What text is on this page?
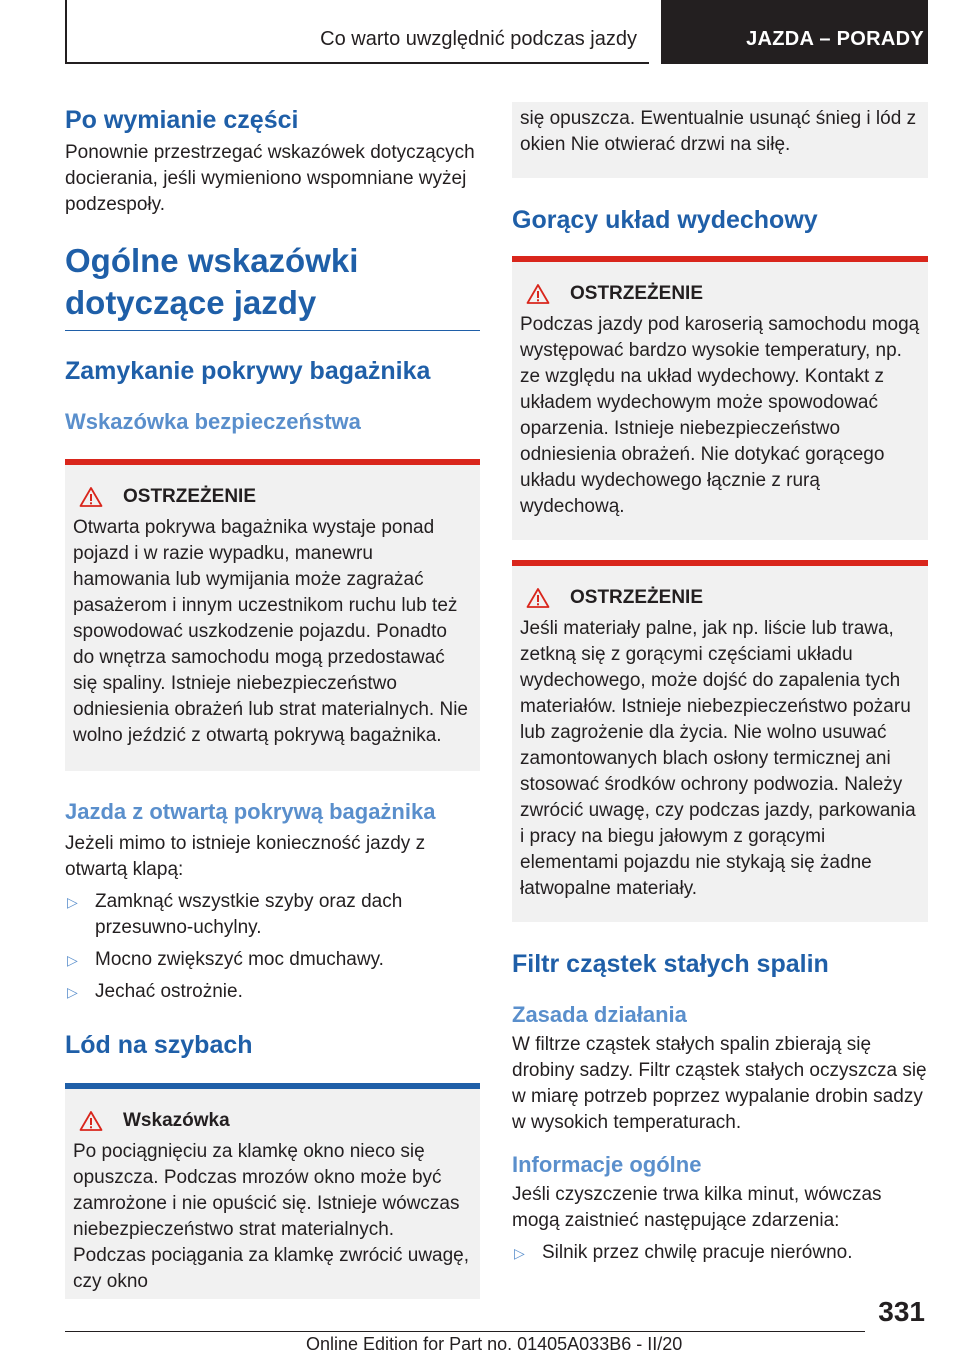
Co warto uwzględnić podczas jazdy	JAZDA – PORADY
Po wymianie części

Ponownie przestrzegać wskazówek dotyczących docierania, jeśli wymieniono wspomniane wyżej podzespoły.

Ogólne wskazówki dotyczące jazdy
Zamykanie pokrywy bagażnika
Wskazówka bezpieczeństwa
OSTRZEŻENIE

Otwarta pokrywa bagażnika wystaje ponad pojazd i w razie wypadku, manewru hamowania lub wymijania może zagrażać pasażerom i innym uczestnikom ruchu lub też spowodować uszkodzenie pojazdu. Ponadto do wnętrza samochodu mogą przedostawać się spaliny. Istnieje niebezpieczeństwo odniesienia obrażeń lub strat materialnych. Nie wolno jeździć z otwartą pokrywą bagażnika.

Jazda z otwartą pokrywą bagażnika

Jeżeli mimo to istnieje konieczność jazdy z otwartą klapą:

▷ Zamknąć wszystkie szyby oraz dach przesuwno-uchylny.
▷ Mocno zwiększyć moc dmuchawy.
▷ Jechać ostrożnie.
Lód na szybach
Wskazówka

Po pociągnięciu za klamkę okno nieco się opuszcza. Podczas mrozów okno może być zamrożone i nie opuścić się. Istnieje wówczas niebezpieczeństwo strat materialnych. Podczas pociągania za klamkę zwrócić uwagę, czy okno

się opuszcza. Ewentualnie usunąć śnieg i lód z okien Nie otwierać drzwi na siłę.

Gorący układ wydechowy
OSTRZEŻENIE

Podczas jazdy pod karoserią samochodu mogą występować bardzo wysokie temperatury, np. ze względu na układ wydechowy. Kontakt z układem wydechowym może spowodować oparzenia. Istnieje niebezpieczeństwo odniesienia obrażeń. Nie dotykać gorącego układu wydechowego łącznie z rurą wydechową.

OSTRZEŻENIE

Jeśli materiały palne, jak np. liście lub trawa, zetkną się z gorącymi częściami układu wydechowego, może dojść do zapalenia tych materiałów. Istnieje niebezpieczeństwo pożaru lub zagrożenie dla życia. Nie wolno usuwać zamontowanych blach osłony termicznej ani stosować środków ochrony podwozia. Należy zwrócić uwagę, czy podczas jazdy, parkowania i pracy na biegu jałowym z gorącymi elementami pojazdu nie stykają się żadne łatwopalne materiały.

Filtr cząstek stałych spalin
Zasada działania

W filtrze cząstek stałych spalin zbierają się drobiny sadzy. Filtr cząstek stałych oczyszcza się w miarę potrzeb poprzez wypalanie drobin sadzy w wysokich temperaturach.

Informacje ogólne

Jeśli czyszczenie trwa kilka minut, wówczas mogą zaistnieć następujące zdarzenia:

▷ Silnik przez chwilę pracuje nierówno.
331
Online Edition for Part no. 01405A033B6 - II/20
